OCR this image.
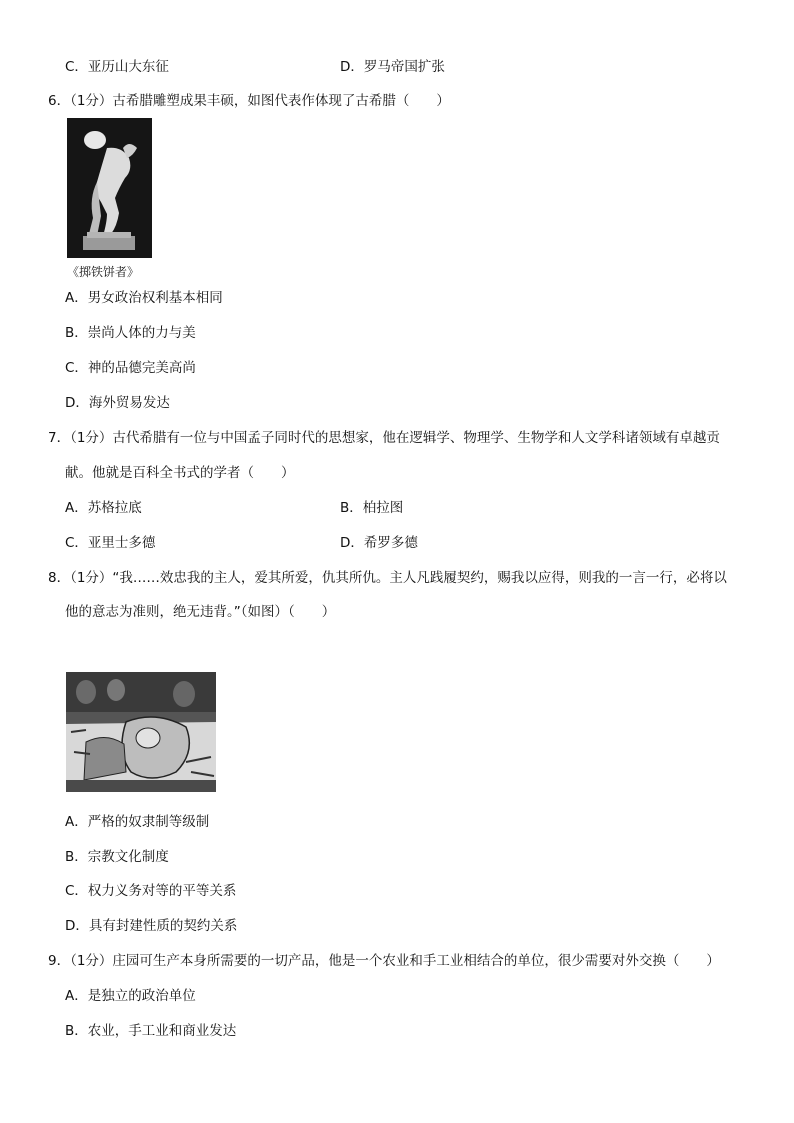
C．亚历山大东征	D．罗马帝国扩张
6．（1分）古希腊雕塑成果丰硕，如图代表作体现了古希腊（　　）
《掷铁饼者》
A．男女政治权利基本相同
B．崇尚人体的力与美
C．神的品德完美高尚
D．海外贸易发达
7．（1分）古代希腊有一位与中国孟子同时代的思想家，他在逻辑学、物理学、生物学和人文学科诸领域有卓越贡
献。他就是百科全书式的学者（　　）
A．苏格拉底	B．柏拉图
C．亚里士多德	D．希罗多德
8．（1分）“我……效忠我的主人，爱其所爱，仇其所仇。主人凡践履契约，赐我以应得，则我的一言一行，必将以
他的意志为准则，绝无违背。”（如图）（　　）
A．严格的奴隶制等级制
B．宗教文化制度
C．权力义务对等的平等关系
D．具有封建性质的契约关系
9．（1分）庄园可生产本身所需要的一切产品，他是一个农业和手工业相结合的单位，很少需要对外交换（　　）
A．是独立的政治单位
B．农业，手工业和商业发达
